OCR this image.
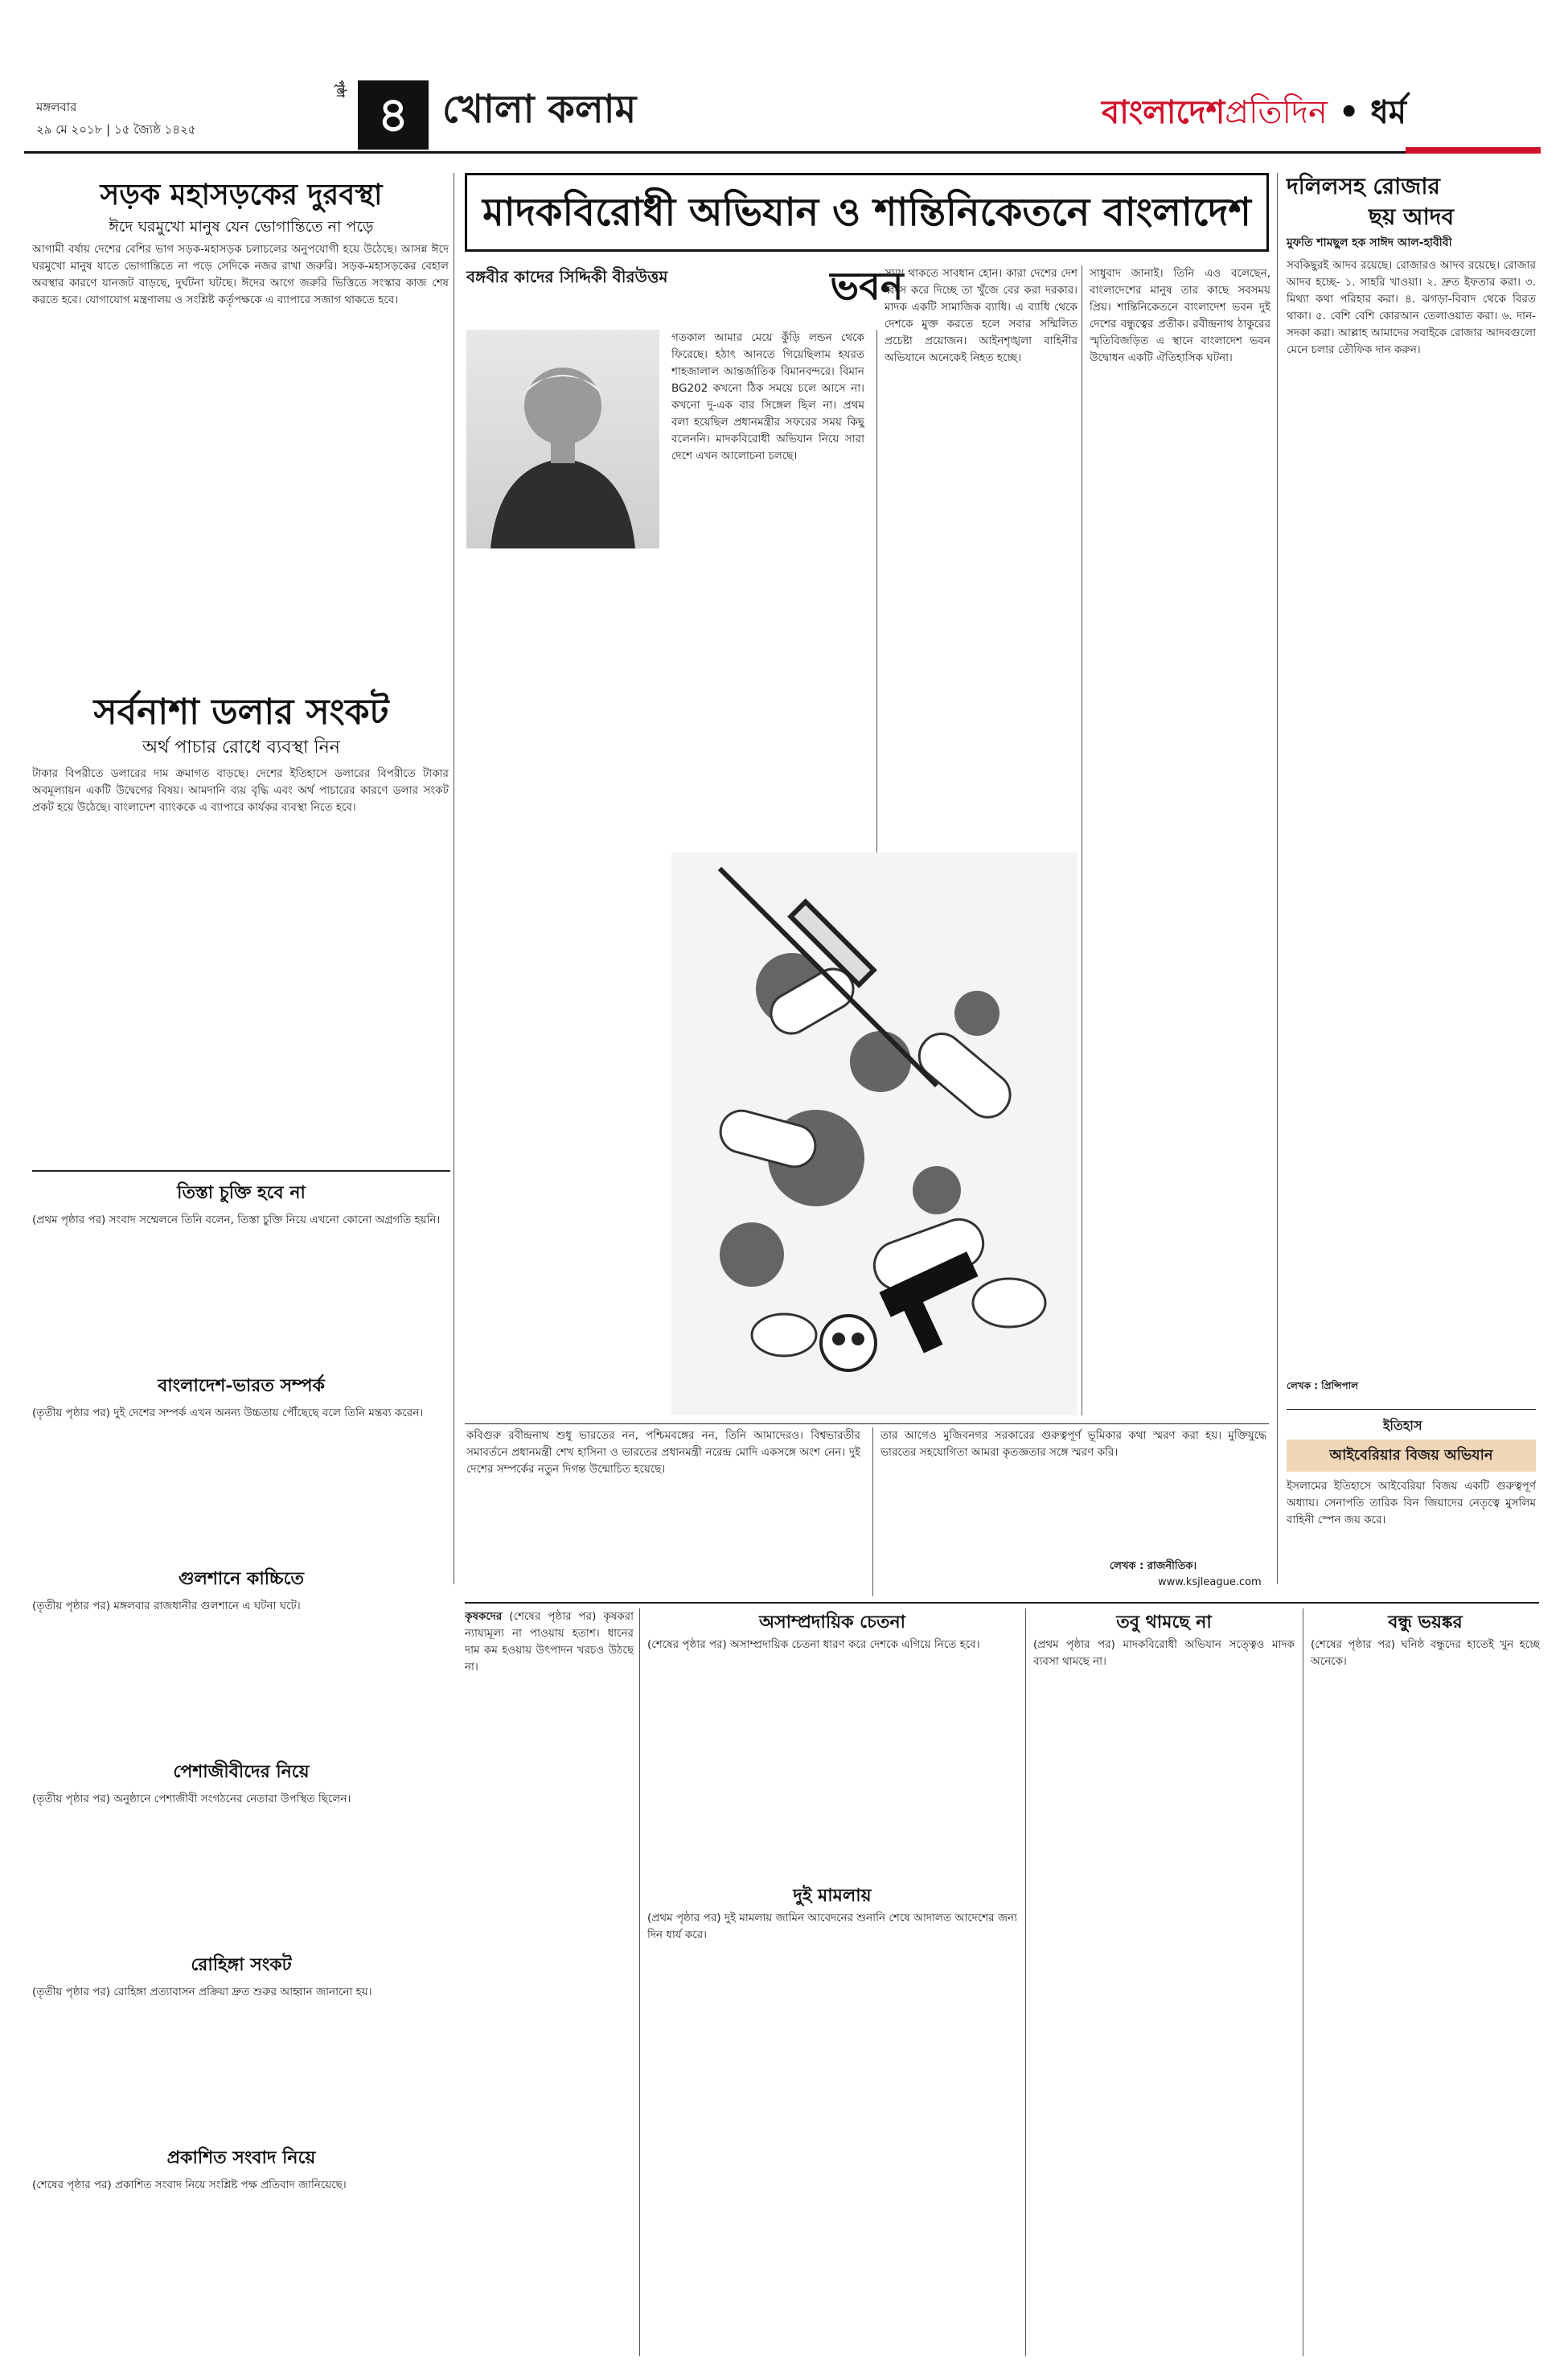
মঙ্গলবার
২৯ মে ২০১৮ | ১৫ জ্যৈষ্ঠ ১৪২৫
পৃষ্ঠা ৪ খোলা কলাম	বাংলাদেশপ্রতিদিন • ধর্ম
সড়ক মহাসড়কের দুরবস্থা
ঈদে ঘরমুখো মানুষ যেন ভোগান্তিতে না পড়ে
আগামী বর্ষায় দেশের বেশির ভাগ সড়ক-মহাসড়ক চলাচলের অনুপযোগী হয়ে উঠেছে। আসন্ন ঈদে ঘরমুখো মানুষ যাতে ভোগান্তিতে না পড়ে সেদিকে নজর রাখা জরুরি। সড়ক-মহাসড়কের বেহাল অবস্থার কারণে যানজট বাড়ছে, দুর্ঘটনা ঘটছে। ঈদের আগে জরুরি ভিত্তিতে সংস্কার কাজ শেষ করতে হবে। যোগাযোগ মন্ত্রণালয় ও সংশ্লিষ্ট কর্তৃপক্ষকে এ ব্যাপারে সজাগ থাকতে হবে।
সর্বনাশা ডলার সংকট
অর্থ পাচার রোধে ব্যবস্থা নিন
টাকার বিপরীতে ডলারের দাম ক্রমাগত বাড়ছে। দেশের ইতিহাসে ডলারের বিপরীতে টাকার অবমূল্যায়ন একটি উদ্বেগের বিষয়। আমদানি ব্যয় বৃদ্ধি এবং অর্থ পাচারের কারণে ডলার সংকট প্রকট হয়ে উঠেছে। বাংলাদেশ ব্যাংককে এ ব্যাপারে কার্যকর ব্যবস্থা নিতে হবে।
তিস্তা চুক্তি হবে না
(প্রথম পৃষ্ঠার পর) সংবাদ সম্মেলনে তিনি বলেন, তিস্তা চুক্তি নিয়ে এখনো কোনো অগ্রগতি হয়নি।
বাংলাদেশ-ভারত সম্পর্ক
(তৃতীয় পৃষ্ঠার পর) দুই দেশের সম্পর্ক এখন অনন্য উচ্চতায় পৌঁছেছে বলে তিনি মন্তব্য করেন।
গুলশানে কাচ্চিতে
(তৃতীয় পৃষ্ঠার পর) মঙ্গলবার রাজধানীর গুলশানে এ ঘটনা ঘটে।
পেশাজীবীদের নিয়ে
(তৃতীয় পৃষ্ঠার পর) অনুষ্ঠানে পেশাজীবী সংগঠনের নেতারা উপস্থিত ছিলেন।
রোহিঙ্গা সংকট
(তৃতীয় পৃষ্ঠার পর) রোহিঙ্গা প্রত্যাবাসন প্রক্রিয়া দ্রুত শুরুর আহ্বান জানানো হয়।
প্রকাশিত সংবাদ নিয়ে
(শেষের পৃষ্ঠার পর) প্রকাশিত সংবাদ নিয়ে সংশ্লিষ্ট পক্ষ প্রতিবাদ জানিয়েছে।
মাদকবিরোধী অভিযান ও শান্তিনিকেতনে বাংলাদেশ ভবন
বঙ্গবীর কাদের সিদ্দিকী বীরউত্তম
গতকাল আমার মেয়ে কুঁড়ি লন্ডন থেকে ফিরেছে। হঠাৎ আনতে গিয়েছিলাম হযরত শাহজালাল আন্তর্জাতিক বিমানবন্দরে। বিমান BG202 কখনো ঠিক সময়ে চলে আসে না। কখনো দু-এক বার সিঙ্গেল ছিল না। প্রথম বলা হয়েছিল প্রধানমন্ত্রীর সফরের সময় কিছু বলেননি। মাদকবিরোধী অভিযান নিয়ে সারা দেশে এখন আলোচনা চলছে।
সময় থাকতে সাবধান হোন। কারা দেশের দেশ ধ্বংস করে দিচ্ছে তা খুঁজে বের করা দরকার। মাদক একটি সামাজিক ব্যাধি। এ ব্যাধি থেকে দেশকে মুক্ত করতে হলে সবার সম্মিলিত প্রচেষ্টা প্রয়োজন। আইনশৃঙ্খলা বাহিনীর অভিযানে অনেকেই নিহত হচ্ছে।
সাধুবাদ জানাই। তিনি এও বলেছেন, বাংলাদেশের মানুষ তার কাছে সবসময় প্রিয়। শান্তিনিকেতনে বাংলাদেশ ভবন দুই দেশের বন্ধুত্বের প্রতীক। রবীন্দ্রনাথ ঠাকুরের স্মৃতিবিজড়িত এ স্থানে বাংলাদেশ ভবন উদ্বোধন একটি ঐতিহাসিক ঘটনা।
কবিগুরু রবীন্দ্রনাথ শুধু ভারতের নন, পশ্চিমবঙ্গের নন, তিনি আমাদেরও। বিশ্বভারতীর সমাবর্তনে প্রধানমন্ত্রী শেখ হাসিনা ও ভারতের প্রধানমন্ত্রী নরেন্দ্র মোদি একসঙ্গে অংশ নেন। দুই দেশের সম্পর্কের নতুন দিগন্ত উন্মোচিত হয়েছে।
তার আগেও মুজিবনগর সরকারের গুরুত্বপূর্ণ ভূমিকার কথা স্মরণ করা হয়। মুক্তিযুদ্ধে ভারতের সহযোগিতা আমরা কৃতজ্ঞতার সঙ্গে স্মরণ করি।
লেখক : রাজনীতিক।
www.ksjleague.com
দলিলসহ রোজার
ছয় আদব
মুফতি শামছুল হক সাঈদ আল-হাবীবী
সবকিছুরই আদব রয়েছে। রোজারও আদব রয়েছে। রোজার আদব হচ্ছে- ১. সাহরি খাওয়া। ২. দ্রুত ইফতার করা। ৩. মিথ্যা কথা পরিহার করা। ৪. ঝগড়া-বিবাদ থেকে বিরত থাকা। ৫. বেশি বেশি কোরআন তেলাওয়াত করা। ৬. দান-সদকা করা। আল্লাহ আমাদের সবাইকে রোজার আদবগুলো মেনে চলার তৌফিক দান করুন।
লেখক : প্রিন্সিপাল
ইতিহাস
আইবেরিয়ার বিজয় অভিযান
ইসলামের ইতিহাসে আইবেরিয়া বিজয় একটি গুরুত্বপূর্ণ অধ্যায়। সেনাপতি তারিক বিন জিয়াদের নেতৃত্বে মুসলিম বাহিনী স্পেন জয় করে।
কৃষকদের (শেষের পৃষ্ঠার পর) কৃষকরা ন্যায্যমূল্য না পাওয়ায় হতাশ। ধানের দাম কম হওয়ায় উৎপাদন খরচও উঠছে না।
অসাম্প্রদায়িক চেতনা
(শেষের পৃষ্ঠার পর) অসাম্প্রদায়িক চেতনা ধারণ করে দেশকে এগিয়ে নিতে হবে।
দুই মামলায়
(প্রথম পৃষ্ঠার পর) দুই মামলায় জামিন আবেদনের শুনানি শেষে আদালত আদেশের জন্য দিন ধার্য করে।
তবু থামছে না
(প্রথম পৃষ্ঠার পর) মাদকবিরোধী অভিযান সত্ত্বেও মাদক ব্যবসা থামছে না।
বন্ধু ভয়ঙ্কর
(শেষের পৃষ্ঠার পর) ঘনিষ্ঠ বন্ধুদের হাতেই খুন হচ্ছে অনেকে।
